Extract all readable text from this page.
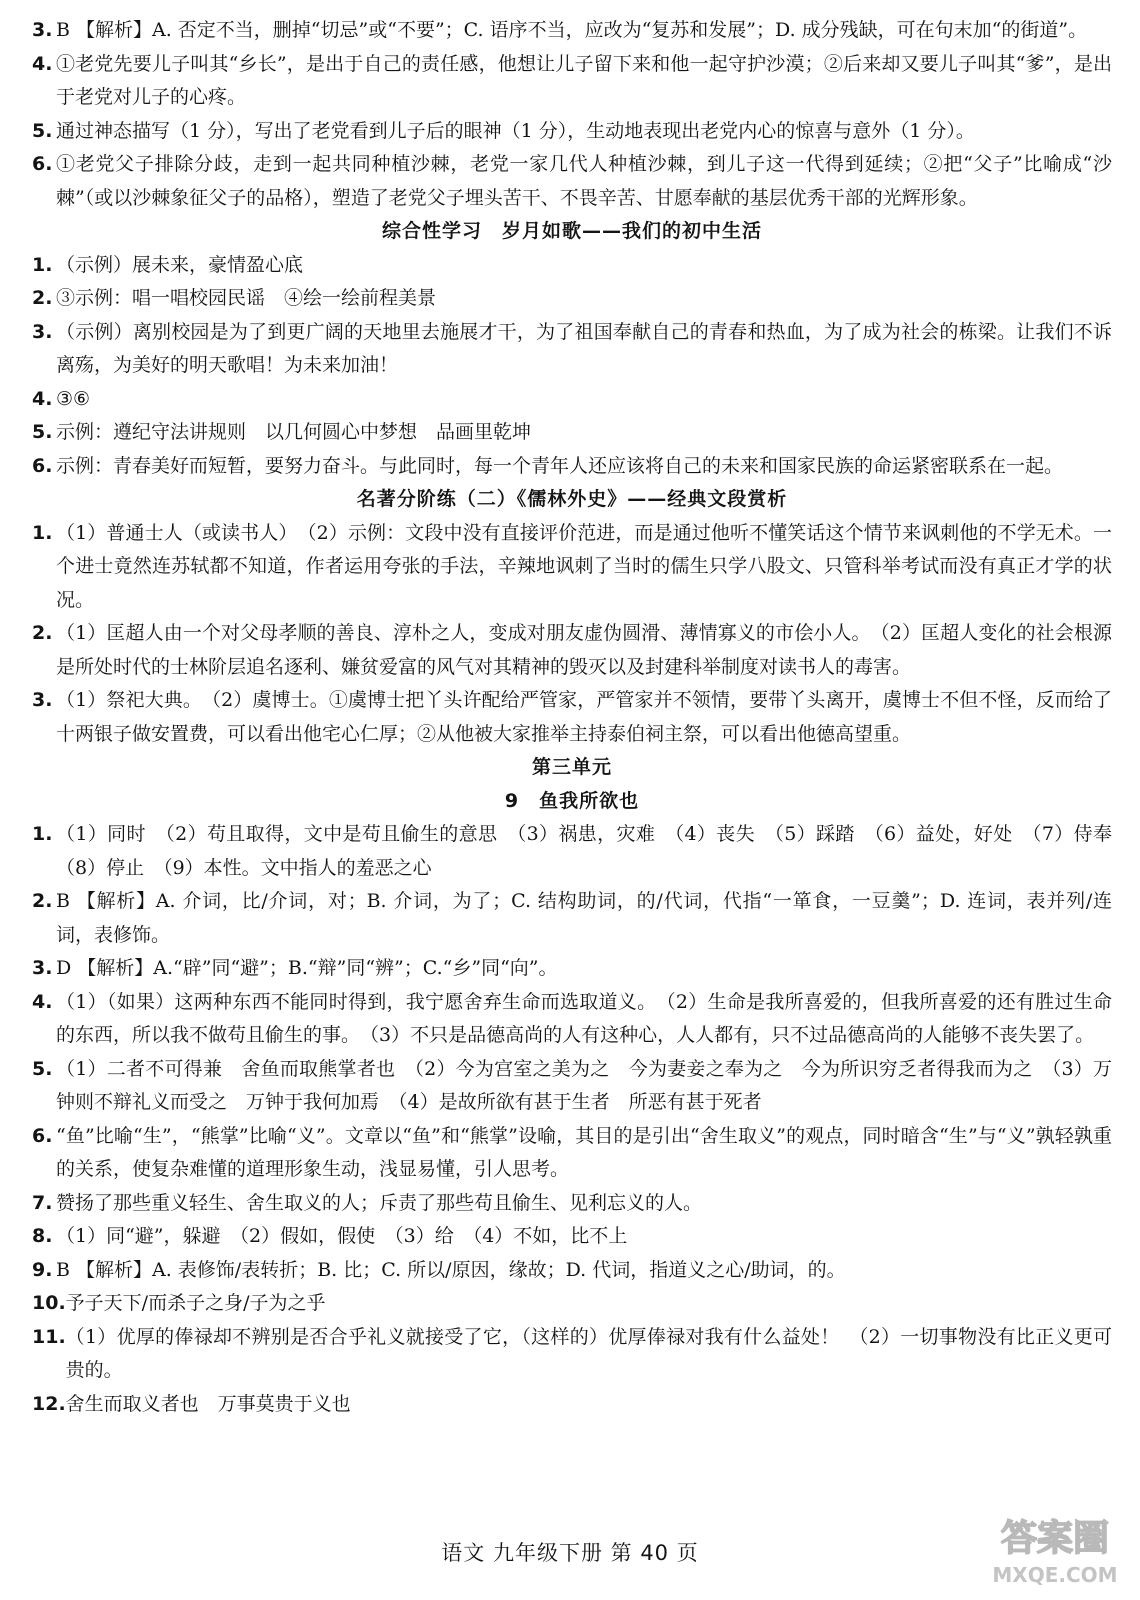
3. B 【解析】A. 否定不当，删掉“切忌”或“不要”；C. 语序不当，应改为“复苏和发展”；D. 成分残缺，可在句末加“的街道”。
4. ①老党先要儿子叫其“乡长”，是出于自己的责任感，他想让儿子留下来和他一起守护沙漠；②后来却又要儿子叫其“爹”，是出于老党对儿子的心疼。
5. 通过神态描写（1 分），写出了老党看到儿子后的眼神（1 分），生动地表现出老党内心的惊喜与意外（1 分）。
6. ①老党父子排除分歧，走到一起共同种植沙棘，老党一家几代人种植沙棘，到儿子这一代得到延续；②把“父子”比喻成“沙棘”（或以沙棘象征父子的品格），塑造了老党父子埋头苦干、不畏辛苦、甘愿奉献的基层优秀干部的光辉形象。
综合性学习　岁月如歌——我们的初中生活
1. （示例）展未来，豪情盈心底
2. ③示例：唱一唱校园民谣　④绘一绘前程美景
3. （示例）离别校园是为了到更广阔的天地里去施展才干，为了祖国奉献自己的青春和热血，为了成为社会的栋梁。让我们不诉离殇，为美好的明天歌唱！为未来加油！
4. ③⑥
5. 示例：遵纪守法讲规则　以几何圆心中梦想　品画里乾坤
6. 示例：青春美好而短暂，要努力奋斗。与此同时，每一个青年人还应该将自己的未来和国家民族的命运紧密联系在一起。
名著分阶练（二）《儒林外史》——经典文段赏析
1. （1）普通士人（或读书人）　（2）示例：文段中没有直接评价范进，而是通过他听不懂笑话这个情节来讽刺他的不学无术。一个进士竟然连苏轼都不知道，作者运用夸张的手法，辛辣地讽刺了当时的儒生只学八股文、只管科举考试而没有真正才学的状况。
2. （1）匡超人由一个对父母孝顺的善良、淳朴之人，变成对朋友虚伪圆滑、薄情寡义的市侩小人。　（2）匡超人变化的社会根源是所处时代的士林阶层追名逐利、嫌贫爱富的风气对其精神的毁灭以及封建科举制度对读书人的毒害。
3. （1）祭祀大典。　（2）虞博士。①虞博士把丫头许配给严管家，严管家并不领情，要带丫头离开，虞博士不但不怪，反而给了十两银子做安置费，可以看出他宅心仁厚；②从他被大家推举主持泰伯祠主祭，可以看出他德高望重。
第三单元
9　鱼我所欲也
1. （1）同时　（2）苟且取得，文中是苟且偷生的意思　（3）祸患，灾难　（4）丧失　（5）踩踏　（6）益处，好处　（7）侍奉　（8）停止　（9）本性。文中指人的羞恶之心
2. B 【解析】A. 介词，比/介词，对；B. 介词，为了；C. 结构助词，的/代词，代指“一箪食，一豆羹”；D. 连词，表并列/连词，表修饰。
3. D 【解析】A.“辟”同“避”；B.“辩”同“辨”；C.“乡”同“向”。
4. （1）（如果）这两种东西不能同时得到，我宁愿舍弃生命而选取道义。　（2）生命是我所喜爱的，但我所喜爱的还有胜过生命的东西，所以我不做苟且偷生的事。　（3）不只是品德高尚的人有这种心，人人都有，只不过品德高尚的人能够不丧失罢了。
5. （1）二者不可得兼　舍鱼而取熊掌者也　（2）今为宫室之美为之　今为妻妾之奉为之　今为所识穷乏者得我而为之　（3）万钟则不辩礼义而受之　万钟于我何加焉　（4）是故所欲有甚于生者　所恶有甚于死者
6. “鱼”比喻“生”，“熊掌”比喻“义”。文章以“鱼”和“熊掌”设喻，其目的是引出“舍生取义”的观点，同时暗含“生”与“义”孰轻孰重的关系，使复杂难懂的道理形象生动，浅显易懂，引人思考。
7. 赞扬了那些重义轻生、舍生取义的人；斥责了那些苟且偷生、见利忘义的人。
8. （1）同“避”，躲避　（2）假如，假使　（3）给　（4）不如，比不上
9. B 【解析】A. 表修饰/表转折；B. 比；C. 所以/原因，缘故；D. 代词，指道义之心/助词，的。
10. 予子天下/而杀子之身/子为之乎
11. （1）优厚的俸禄却不辨别是否合乎礼义就接受了它，（这样的）优厚俸禄对我有什么益处！　（2）一切事物没有比正义更可贵的。
12. 舍生而取义者也　万事莫贵于义也
语文 九年级下册 第 40 页	答案圈
MXQE.COM
